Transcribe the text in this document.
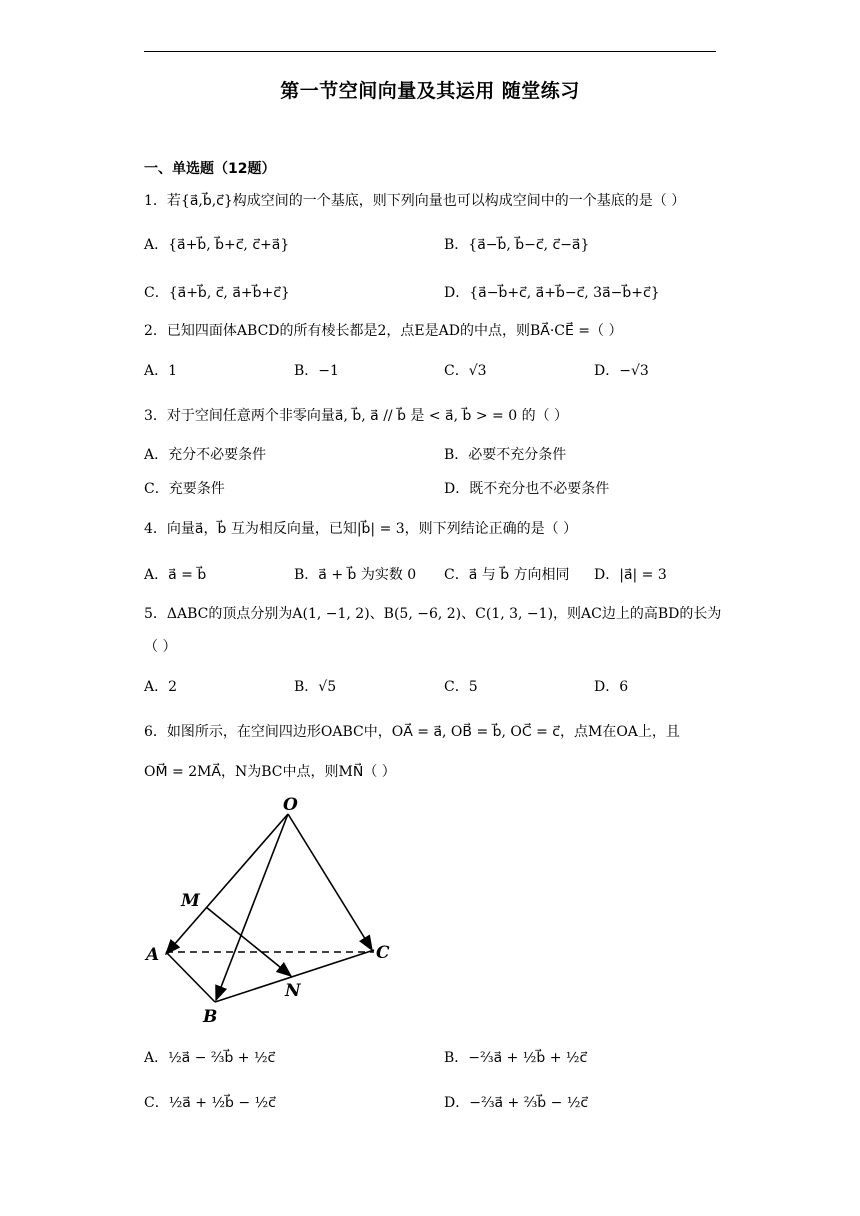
第一节空间向量及其运用 随堂练习
一、单选题（12题）
1．若{a⃗,b⃗,c⃗}构成空间的一个基底，则下列向量也可以构成空间中的一个基底的是（ ）
A．{a⃗+b⃗, b⃗+c⃗, c⃗+a⃗}	B．{a⃗−b⃗, b⃗−c⃗, c⃗−a⃗}
C．{a⃗+b⃗, c⃗, a⃗+b⃗+c⃗}	D．{a⃗−b⃗+c⃗, a⃗+b⃗−c⃗, 3a⃗−b⃗+c⃗}
2．已知四面体ABCD的所有棱长都是2，点E是AD的中点，则BA⃗·CE⃗ =（ ）
A．1	B．−1	C．√3	D．−√3
3．对于空间任意两个非零向量a⃗, b⃗, a⃗ // b⃗ 是 < a⃗, b⃗ > = 0 的（ ）
A．充分不必要条件	B．必要不充分条件
C．充要条件	D．既不充分也不必要条件
4．向量a⃗，b⃗ 互为相反向量，已知|b⃗| = 3，则下列结论正确的是（ ）
A．a⃗ = b⃗	B．a⃗ + b⃗ 为实数 0 C．a⃗ 与 b⃗ 方向相同 D．|a⃗| = 3
5．ΔABC的顶点分别为A(1, −1, 2)、B(5, −6, 2)、C(1, 3, −1)，则AC边上的高BD的长为
（ ）
A．2	B．√5	C．5	D．6
6．如图所示，在空间四边形OABC中，OA⃗ = a⃗, OB⃗ = b⃗, OC⃗ = c⃗，点M在OA上，且
OM⃗ = 2MA⃗，N为BC中点，则MN⃗（ ）
O
M
A	C
N
B
A．½a⃗ − ⅔b⃗ + ½c⃗	B．−⅔a⃗ + ½b⃗ + ½c⃗
C．½a⃗ + ½b⃗ − ½c⃗	D．−⅔a⃗ + ⅔b⃗ − ½c⃗
